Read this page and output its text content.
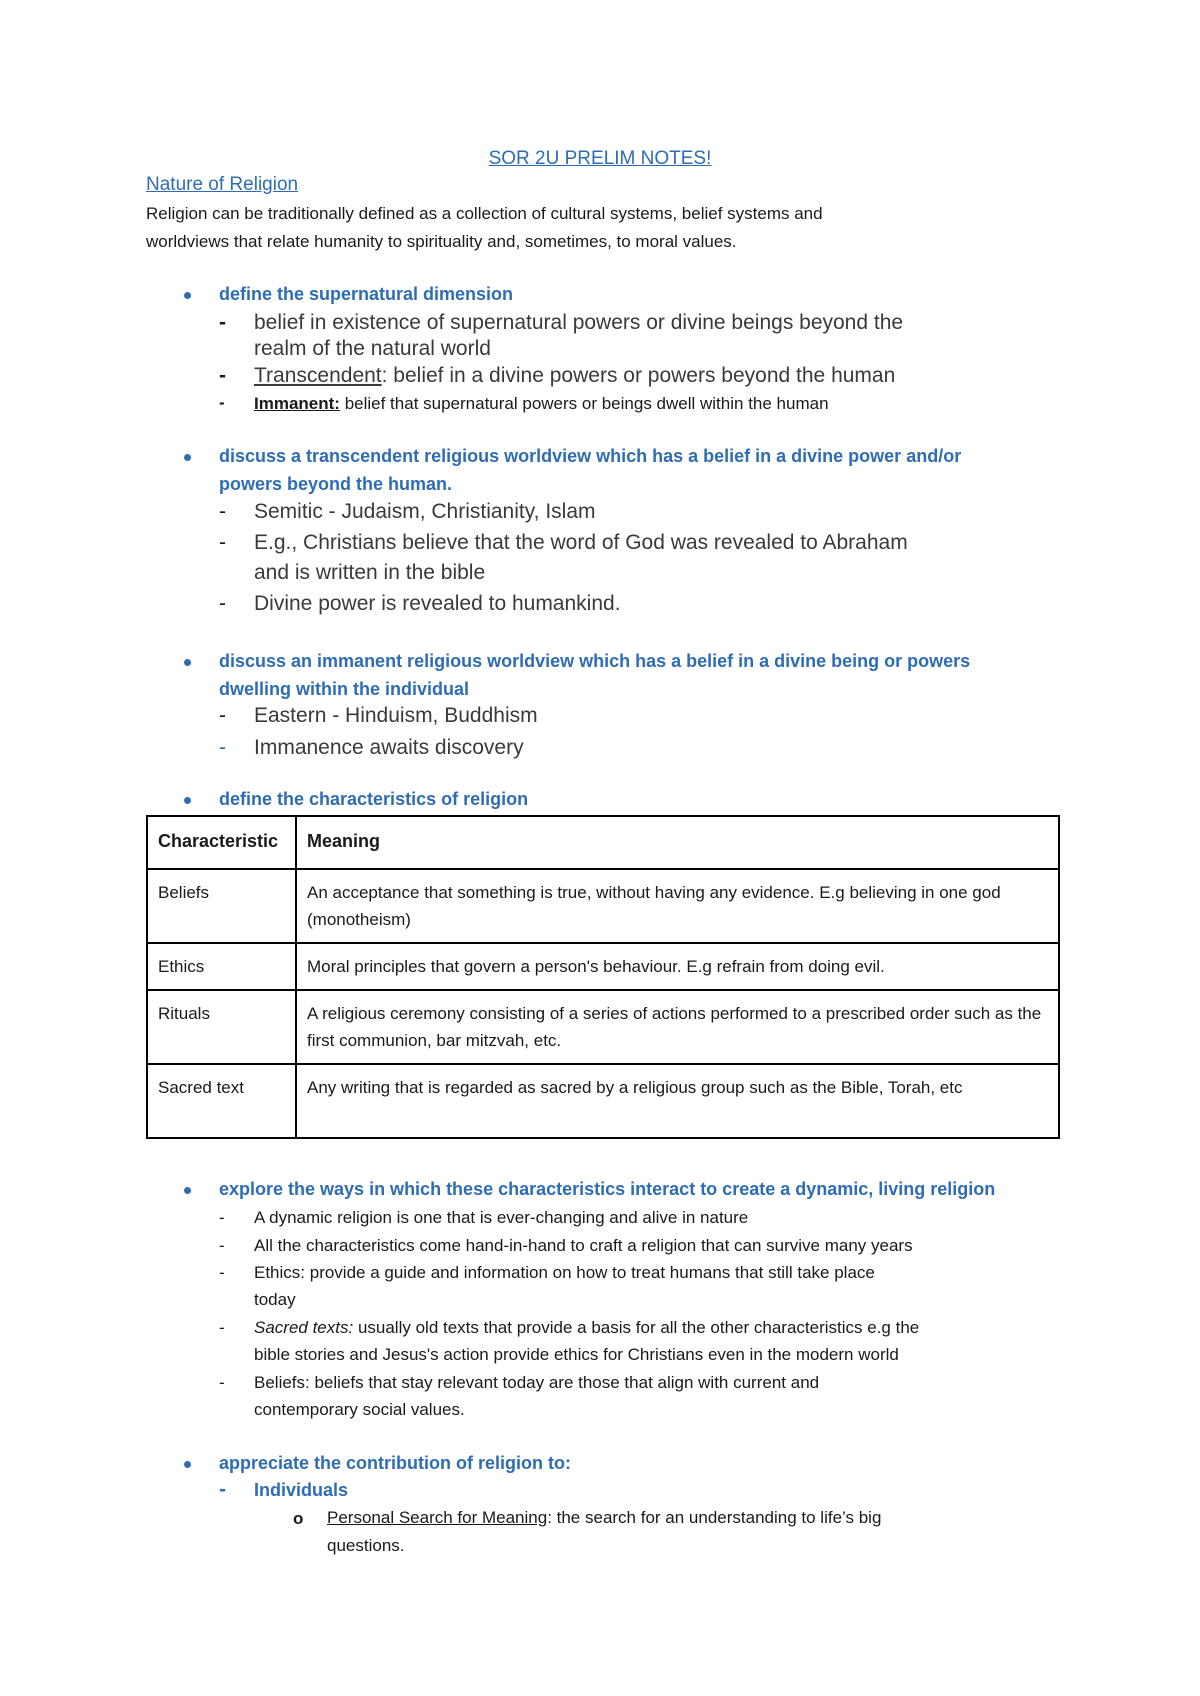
SOR 2U PRELIM NOTES!
Nature of Religion
Religion can be traditionally defined as a collection of cultural systems, belief systems and
worldviews that relate humanity to spirituality and, sometimes, to moral values.
define the supernatural dimension
- belief in existence of supernatural powers or divine beings beyond the
realm of the natural world
- Transcendent: belief in a divine powers or powers beyond the human
- Immanent: belief that supernatural powers or beings dwell within the human
discuss a transcendent religious worldview which has a belief in a divine power and/or
powers beyond the human.
- Semitic - Judaism, Christianity, Islam
- E.g., Christians believe that the word of God was revealed to Abraham
and is written in the bible
- Divine power is revealed to humankind.
discuss an immanent religious worldview which has a belief in a divine being or powers
dwelling within the individual
- Eastern - Hinduism, Buddhism
- Immanence awaits discovery
define the characteristics of religion
Characteristic	Meaning
Beliefs	An acceptance that something is true, without having any evidence. E.g believing in one god (monotheism)
Ethics	Moral principles that govern a person's behaviour. E.g refrain from doing evil.
Rituals	A religious ceremony consisting of a series of actions performed to a prescribed order such as the first communion, bar mitzvah, etc.
Sacred text	Any writing that is regarded as sacred by a religious group such as the Bible, Torah, etc
explore the ways in which these characteristics interact to create a dynamic, living religion
- A dynamic religion is one that is ever-changing and alive in nature
- All the characteristics come hand-in-hand to craft a religion that can survive many years
- Ethics: provide a guide and information on how to treat humans that still take place
today
- Sacred texts: usually old texts that provide a basis for all the other characteristics e.g the
bible stories and Jesus's action provide ethics for Christians even in the modern world
- Beliefs: beliefs that stay relevant today are those that align with current and
contemporary social values.
appreciate the contribution of religion to:
- Individuals
o Personal Search for Meaning: the search for an understanding to life’s big
questions.
